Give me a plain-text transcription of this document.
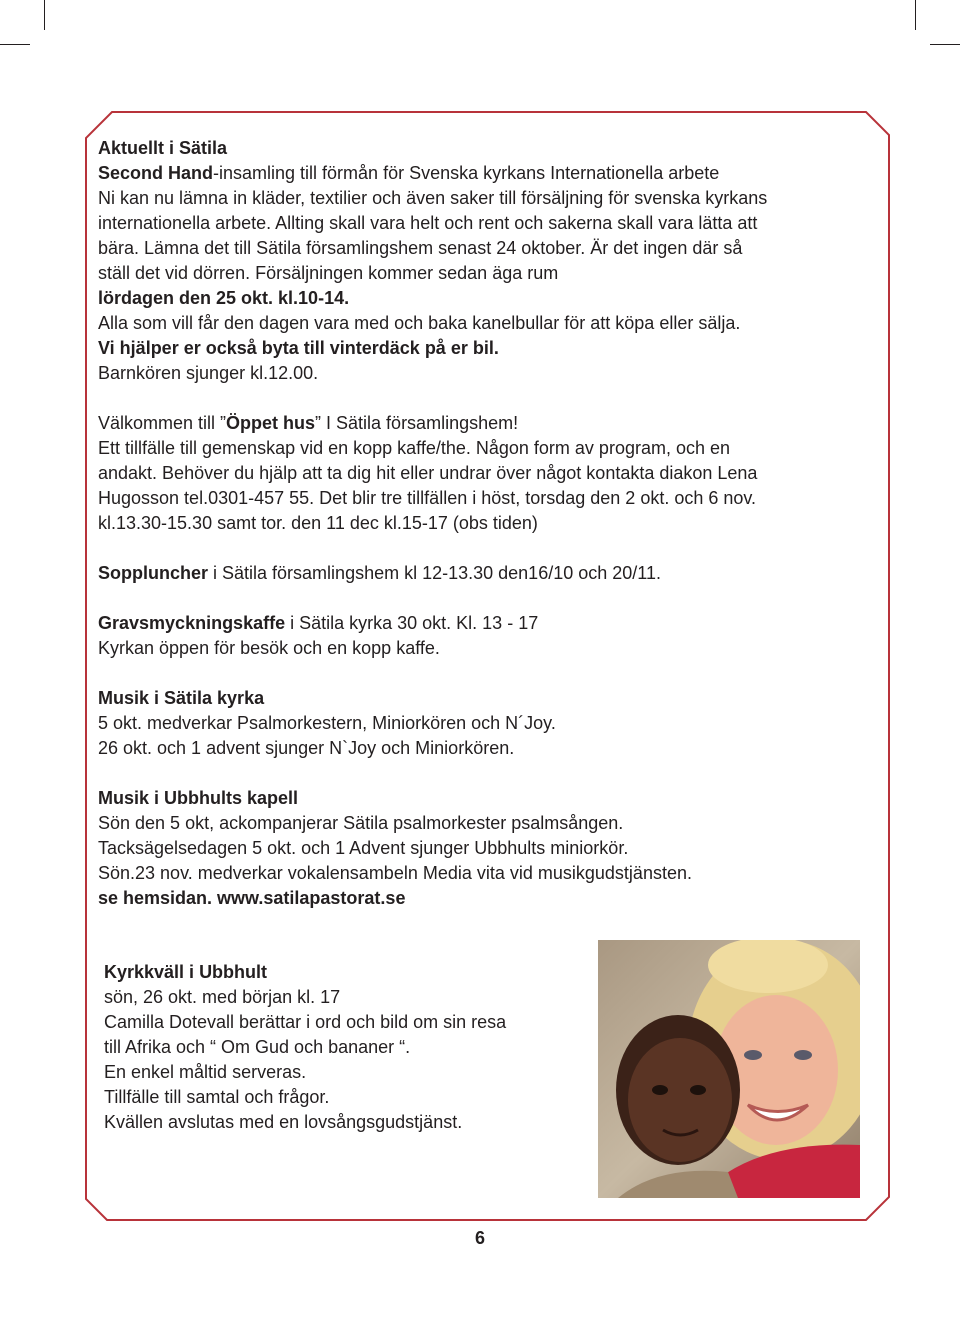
Aktuellt i Sätila

Second Hand-insamling till förmån för Svenska kyrkans Internationella arbete

Ni kan nu lämna in kläder, textilier och även saker till försäljning för svenska kyrkans

internationella arbete. Allting skall vara helt och rent och sakerna skall vara lätta att

bära. Lämna det till Sätila församlingshem senast 24 oktober. Är det ingen där så

ställ det vid dörren. Försäljningen kommer sedan äga rum

lördagen den 25 okt. kl.10-14.

Alla som vill får den dagen vara med och baka kanelbullar för att köpa eller sälja.

Vi hjälper er också byta till vinterdäck på er bil.

Barnkören sjunger kl.12.00.

Välkommen till ”Öppet hus” I Sätila församlingshem!

Ett tillfälle till gemenskap vid en kopp kaffe/the. Någon form av program, och en

andakt. Behöver du hjälp att ta dig hit eller undrar över något kontakta diakon Lena

Hugosson tel.0301-457 55. Det blir tre tillfällen i höst, torsdag den 2 okt. och 6 nov.

kl.13.30-15.30 samt tor. den 11 dec kl.15-17 (obs tiden)

Soppluncher i Sätila församlingshem kl 12-13.30 den16/10 och 20/11.

Gravsmyckningskaffe i Sätila kyrka 30 okt. Kl. 13 - 17

Kyrkan öppen för besök och en kopp kaffe.

Musik i Sätila kyrka

5 okt. medverkar Psalmorkestern, Miniorkören och N´Joy.

26 okt. och 1 advent sjunger N`Joy och Miniorkören.

Musik i Ubbhults kapell

Sön den 5 okt, ackompanjerar Sätila psalmorkester psalmsången.

Tacksägelsedagen 5 okt. och 1 Advent sjunger Ubbhults miniorkör.

Sön.23 nov. medverkar vokalensambeln Media vita vid musikgudstjänsten.

se hemsidan. www.satilapastorat.se

Kyrkkväll i Ubbhult

sön, 26 okt. med början kl. 17

Camilla Dotevall berättar i ord och bild om sin resa

till Afrika och “ Om Gud och bananer “.

En enkel måltid serveras.

Tillfälle till samtal och frågor.

Kvällen avslutas med en lovsångsgudstjänst.

6
